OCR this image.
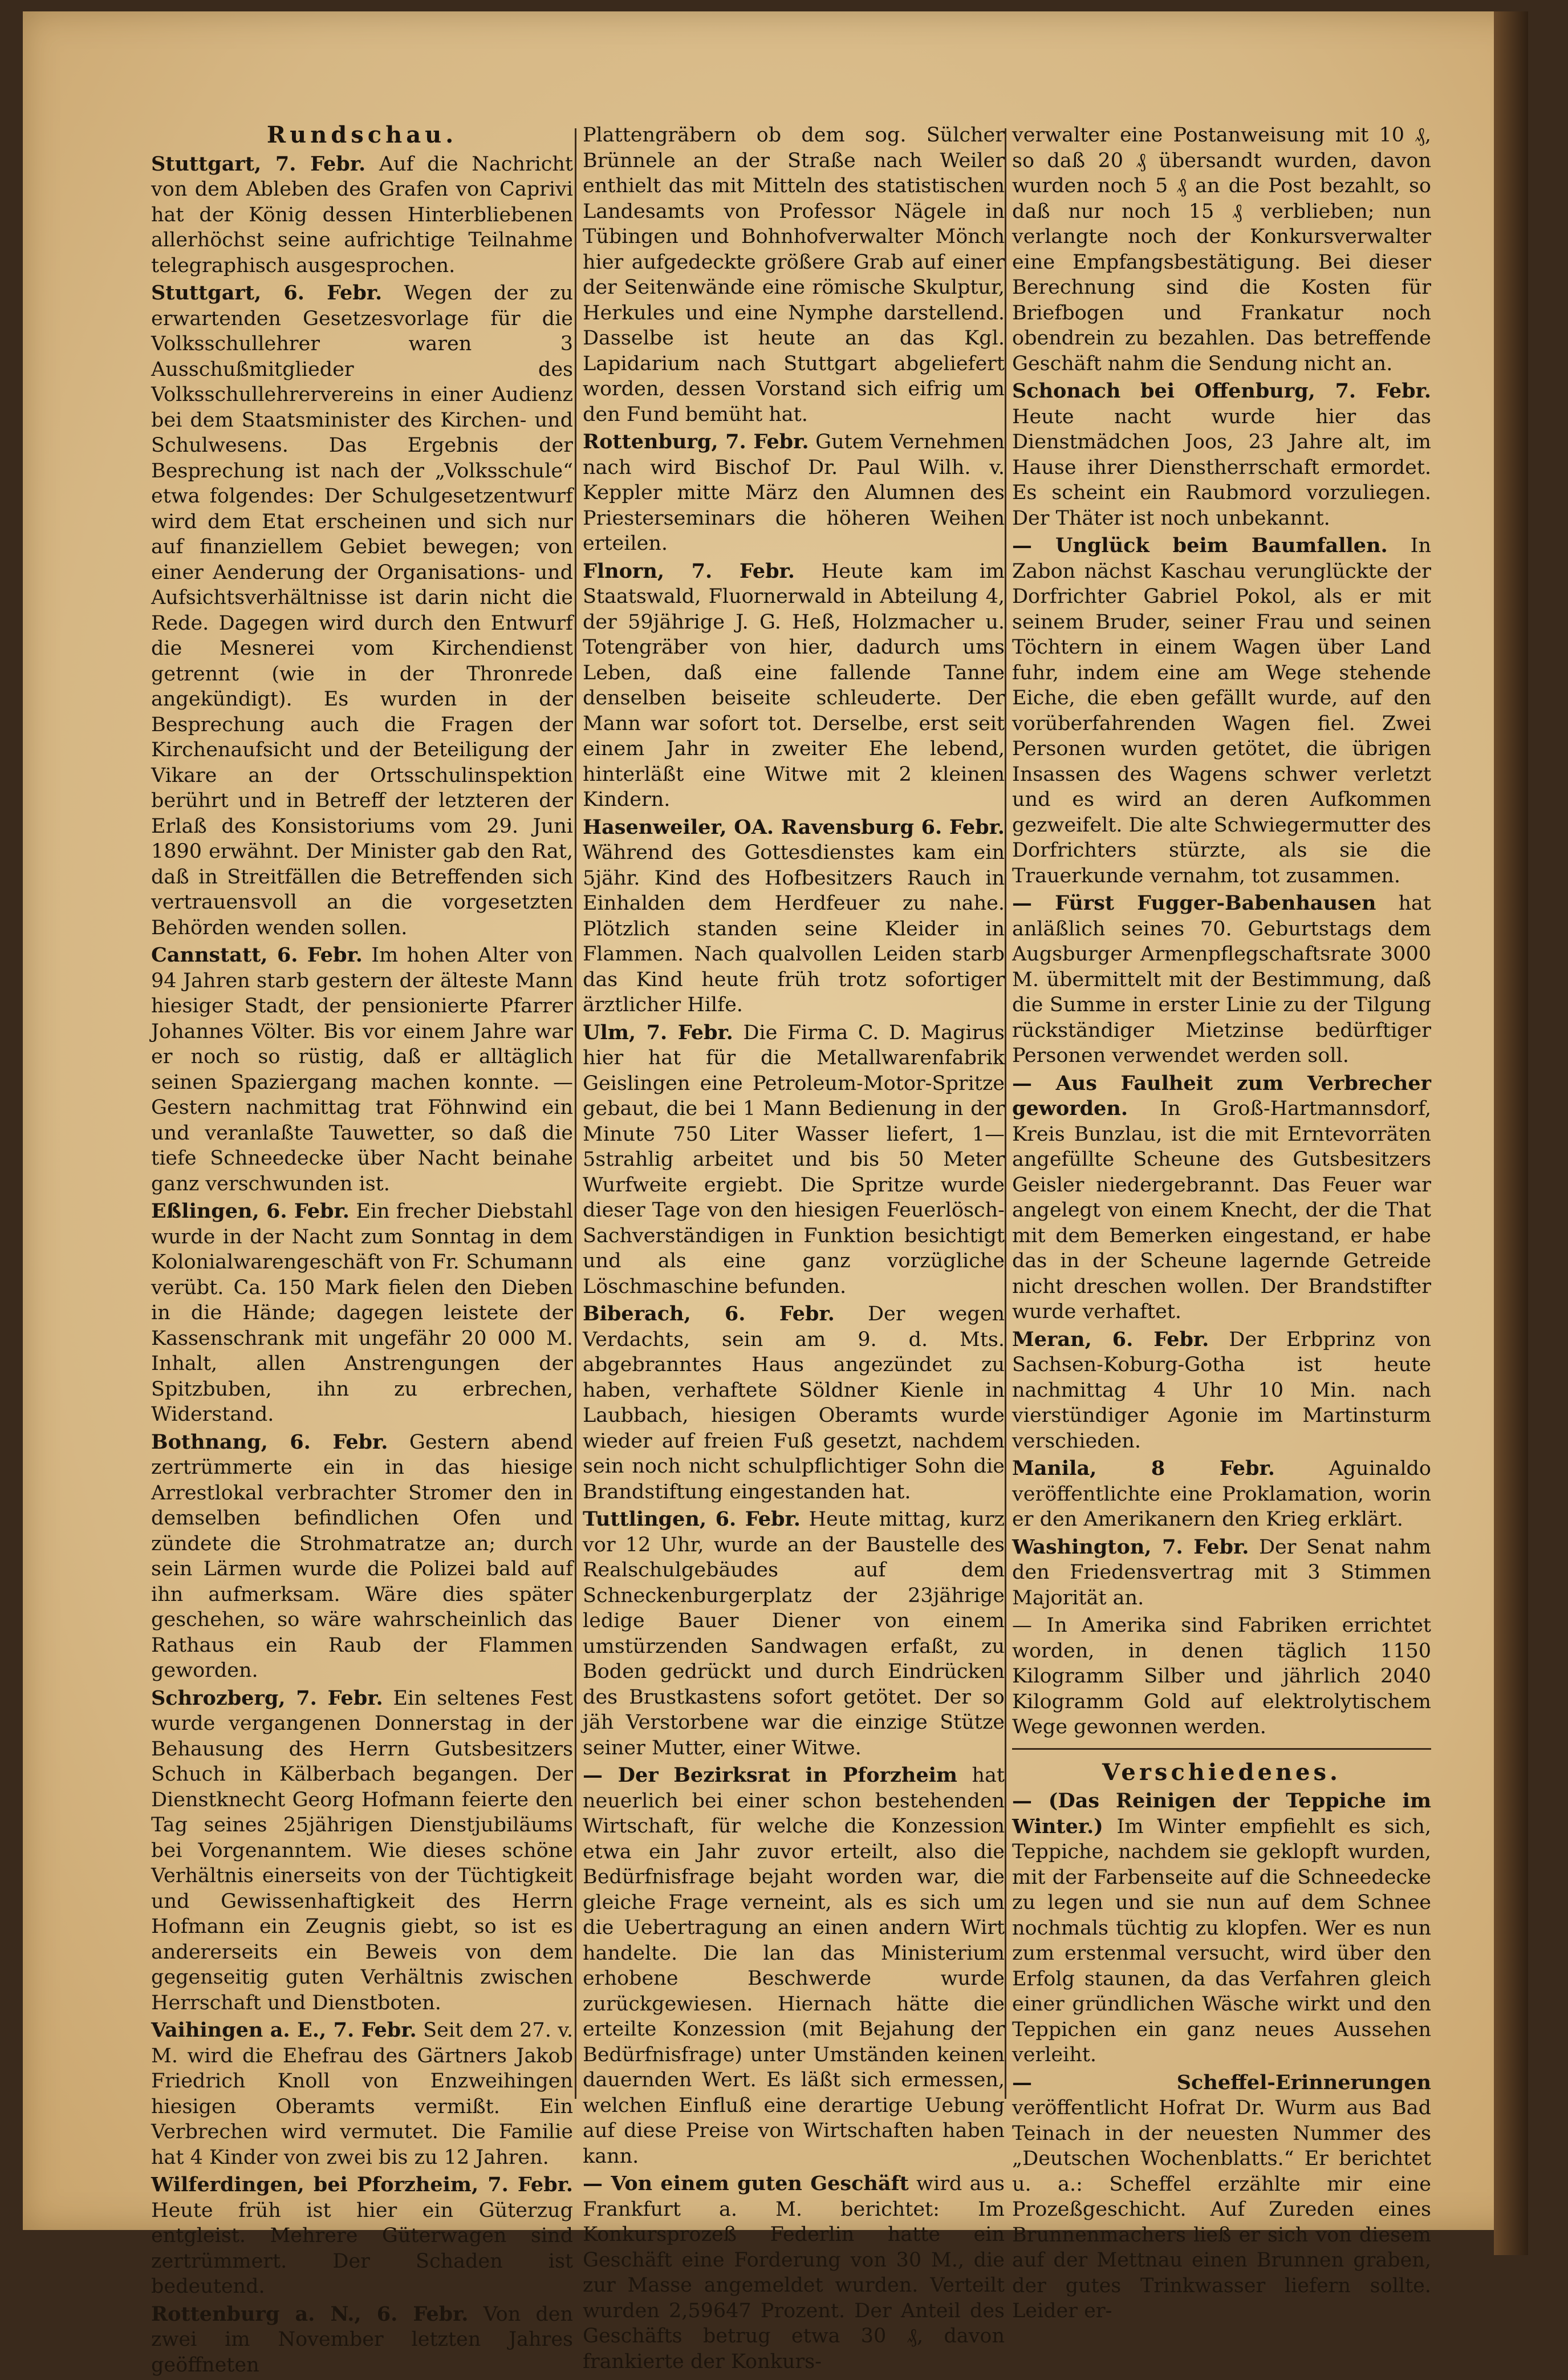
Rundschau.
Stuttgart, 7. Febr. Auf die Nachricht von dem Ableben des Grafen von Caprivi hat der König dessen Hinterbliebenen allerhöchst seine aufrichtige Teilnahme telegraphisch ausgesprochen.
Stuttgart, 6. Febr. Wegen der zu erwartenden Gesetzesvorlage für die Volksschullehrer waren 3 Ausschußmitglieder des Volksschullehrervereins in einer Audienz bei dem Staatsminister des Kirchen- und Schulwesens. Das Ergebnis der Besprechung ist nach der „Volksschule“ etwa folgendes: Der Schulgesetzentwurf wird dem Etat erscheinen und sich nur auf finanziellem Gebiet bewegen; von einer Aenderung der Organisations- und Aufsichtsverhältnisse ist darin nicht die Rede. Dagegen wird durch den Entwurf die Mesnerei vom Kirchendienst getrennt (wie in der Thronrede angekündigt). Es wurden in der Besprechung auch die Fragen der Kirchenaufsicht und der Beteiligung der Vikare an der Ortsschulinspektion berührt und in Betreff der letzteren der Erlaß des Konsistoriums vom 29. Juni 1890 erwähnt. Der Minister gab den Rat, daß in Streitfällen die Betreffenden sich vertrauensvoll an die vorgesetzten Behörden wenden sollen.
Cannstatt, 6. Febr. Im hohen Alter von 94 Jahren starb gestern der älteste Mann hiesiger Stadt, der pensionierte Pfarrer Johannes Völter. Bis vor einem Jahre war er noch so rüstig, daß er alltäglich seinen Spaziergang machen konnte. — Gestern nachmittag trat Föhnwind ein und veranlaßte Tauwetter, so daß die tiefe Schneedecke über Nacht beinahe ganz verschwunden ist.
Eßlingen, 6. Febr. Ein frecher Diebstahl wurde in der Nacht zum Sonntag in dem Kolonialwarengeschäft von Fr. Schumann verübt. Ca. 150 Mark fielen den Dieben in die Hände; dagegen leistete der Kassenschrank mit ungefähr 20 000 M. Inhalt, allen Anstrengungen der Spitzbuben, ihn zu erbrechen, Widerstand.
Bothnang, 6. Febr. Gestern abend zertrümmerte ein in das hiesige Arrestlokal verbrachter Stromer den in demselben befindlichen Ofen und zündete die Strohmatratze an; durch sein Lärmen wurde die Polizei bald auf ihn aufmerksam. Wäre dies später geschehen, so wäre wahrscheinlich das Rathaus ein Raub der Flammen geworden.
Schrozberg, 7. Febr. Ein seltenes Fest wurde vergangenen Donnerstag in der Behausung des Herrn Gutsbesitzers Schuch in Kälberbach begangen. Der Dienstknecht Georg Hofmann feierte den Tag seines 25jährigen Dienstjubiläums bei Vorgenanntem. Wie dieses schöne Verhältnis einerseits von der Tüchtigkeit und Gewissenhaftigkeit des Herrn Hofmann ein Zeugnis giebt, so ist es andererseits ein Beweis von dem gegenseitig guten Verhältnis zwischen Herrschaft und Dienstboten.
Vaihingen a. E., 7. Febr. Seit dem 27. v. M. wird die Ehefrau des Gärtners Jakob Friedrich Knoll von Enzweihingen hiesigen Oberamts vermißt. Ein Verbrechen wird vermutet. Die Familie hat 4 Kinder von zwei bis zu 12 Jahren.
Wilferdingen, bei Pforzheim, 7. Febr. Heute früh ist hier ein Güterzug entgleist. Mehrere Güterwagen sind zertrümmert. Der Schaden ist bedeutend.
Rottenburg a. N., 6. Febr. Von den zwei im November letzten Jahres geöffneten
Plattengräbern ob dem sog. Sülcher Brünnele an der Straße nach Weiler enthielt das mit Mitteln des statistischen Landesamts von Professor Nägele in Tübingen und Bohnhofverwalter Mönch hier aufgedeckte größere Grab auf einer der Seitenwände eine römische Skulptur, Herkules und eine Nymphe darstellend. Dasselbe ist heute an das Kgl. Lapidarium nach Stuttgart abgeliefert worden, dessen Vorstand sich eifrig um den Fund bemüht hat.
Rottenburg, 7. Febr. Gutem Vernehmen nach wird Bischof Dr. Paul Wilh. v. Keppler mitte März den Alumnen des Priesterseminars die höheren Weihen erteilen.
Flnorn, 7. Febr. Heute kam im Staatswald, Fluornerwald in Abteilung 4, der 59jährige J. G. Heß, Holzmacher u. Totengräber von hier, dadurch ums Leben, daß eine fallende Tanne denselben beiseite schleuderte. Der Mann war sofort tot. Derselbe, erst seit einem Jahr in zweiter Ehe lebend, hinterläßt eine Witwe mit 2 kleinen Kindern.
Hasenweiler, OA. Ravensburg 6. Febr. Während des Gottesdienstes kam ein 5jähr. Kind des Hofbesitzers Rauch in Einhalden dem Herdfeuer zu nahe. Plötzlich standen seine Kleider in Flammen. Nach qualvollen Leiden starb das Kind heute früh trotz sofortiger ärztlicher Hilfe.
Ulm, 7. Febr. Die Firma C. D. Magirus hier hat für die Metallwarenfabrik Geislingen eine Petroleum-Motor-Spritze gebaut, die bei 1 Mann Bedienung in der Minute 750 Liter Wasser liefert, 1—5strahlig arbeitet und bis 50 Meter Wurfweite ergiebt. Die Spritze wurde dieser Tage von den hiesigen Feuerlösch-Sachverständigen in Funktion besichtigt und als eine ganz vorzügliche Löschmaschine befunden.
Biberach, 6. Febr. Der wegen Verdachts, sein am 9. d. Mts. abgebranntes Haus angezündet zu haben, verhaftete Söldner Kienle in Laubbach, hiesigen Oberamts wurde wieder auf freien Fuß gesetzt, nachdem sein noch nicht schulpflichtiger Sohn die Brandstiftung eingestanden hat.
Tuttlingen, 6. Febr. Heute mittag, kurz vor 12 Uhr, wurde an der Baustelle des Realschulgebäudes auf dem Schneckenburgerplatz der 23jährige ledige Bauer Diener von einem umstürzenden Sandwagen erfaßt, zu Boden gedrückt und durch Eindrücken des Brustkastens sofort getötet. Der so jäh Verstorbene war die einzige Stütze seiner Mutter, einer Witwe.
— Der Bezirksrat in Pforzheim hat neuerlich bei einer schon bestehenden Wirtschaft, für welche die Konzession etwa ein Jahr zuvor erteilt, also die Bedürfnisfrage bejaht worden war, die gleiche Frage verneint, als es sich um die Uebertragung an einen andern Wirt handelte. Die lan das Ministerium erhobene Beschwerde wurde zurückgewiesen. Hiernach hätte die erteilte Konzession (mit Bejahung der Bedürfnisfrage) unter Umständen keinen dauernden Wert. Es läßt sich ermessen, welchen Einfluß eine derartige Uebung auf diese Preise von Wirtschaften haben kann.
— Von einem guten Geschäft wird aus Frankfurt a. M. berichtet: Im Konkursprozeß Federlin hatte ein Geschäft eine Forderung von 30 M., die zur Masse angemeldet wurden. Verteilt wurden 2,59647 Prozent. Der Anteil des Geschäfts betrug etwa 30 ₰, davon frankierte der Konkurs-
verwalter eine Postanweisung mit 10 ₰, so daß 20 ₰ übersandt wurden, davon wurden noch 5 ₰ an die Post bezahlt, so daß nur noch 15 ₰ verblieben; nun verlangte noch der Konkursverwalter eine Empfangsbestätigung. Bei dieser Berechnung sind die Kosten für Briefbogen und Frankatur noch obendrein zu bezahlen. Das betreffende Geschäft nahm die Sendung nicht an.
Schonach bei Offenburg, 7. Febr. Heute nacht wurde hier das Dienstmädchen Joos, 23 Jahre alt, im Hause ihrer Dienstherrschaft ermordet. Es scheint ein Raubmord vorzuliegen. Der Thäter ist noch unbekannt.
— Unglück beim Baumfallen. In Zabon nächst Kaschau verunglückte der Dorfrichter Gabriel Pokol, als er mit seinem Bruder, seiner Frau und seinen Töchtern in einem Wagen über Land fuhr, indem eine am Wege stehende Eiche, die eben gefällt wurde, auf den vorüberfahrenden Wagen fiel. Zwei Personen wurden getötet, die übrigen Insassen des Wagens schwer verletzt und es wird an deren Aufkommen gezweifelt. Die alte Schwiegermutter des Dorfrichters stürzte, als sie die Trauerkunde vernahm, tot zusammen.
— Fürst Fugger-Babenhausen hat anläßlich seines 70. Geburtstags dem Augsburger Armenpflegschaftsrate 3000 M. übermittelt mit der Bestimmung, daß die Summe in erster Linie zu der Tilgung rückständiger Mietzinse bedürftiger Personen verwendet werden soll.
— Aus Faulheit zum Verbrecher geworden. In Groß-Hartmannsdorf, Kreis Bunzlau, ist die mit Erntevorräten angefüllte Scheune des Gutsbesitzers Geisler niedergebrannt. Das Feuer war angelegt von einem Knecht, der die That mit dem Bemerken eingestand, er habe das in der Scheune lagernde Getreide nicht dreschen wollen. Der Brandstifter wurde verhaftet.
Meran, 6. Febr. Der Erbprinz von Sachsen-Koburg-Gotha ist heute nachmittag 4 Uhr 10 Min. nach vierstündiger Agonie im Martinsturm verschieden.
Manila, 8 Febr.	Aguinaldo veröffentlichte eine Proklamation, worin er den Amerikanern den Krieg erklärt.
Washington, 7. Febr. Der Senat nahm den Friedensvertrag mit 3 Stimmen Majorität an.
— In Amerika sind Fabriken errichtet worden, in denen täglich 1150 Kilogramm Silber und jährlich 2040 Kilogramm Gold auf elektrolytischem Wege gewonnen werden.
Verschiedenes.
— (Das Reinigen der Teppiche im Winter.) Im Winter empfiehlt es sich, Teppiche, nachdem sie geklopft wurden, mit der Farbenseite auf die Schneedecke zu legen und sie nun auf dem Schnee nochmals tüchtig zu klopfen. Wer es nun zum erstenmal versucht, wird über den Erfolg staunen, da das Verfahren gleich einer gründlichen Wäsche wirkt und den Teppichen ein ganz neues Aussehen verleiht.
— Scheffel-Erinnerungen veröffentlicht Hofrat Dr. Wurm aus Bad Teinach in der neuesten Nummer des „Deutschen Wochenblatts.“ Er berichtet u. a.: Scheffel erzählte mir eine Prozeßgeschicht. Auf Zureden eines Brunnenmachers ließ er sich von diesem auf der Mettnau einen Brunnen graben, der gutes Trinkwasser liefern sollte. Leider er-
